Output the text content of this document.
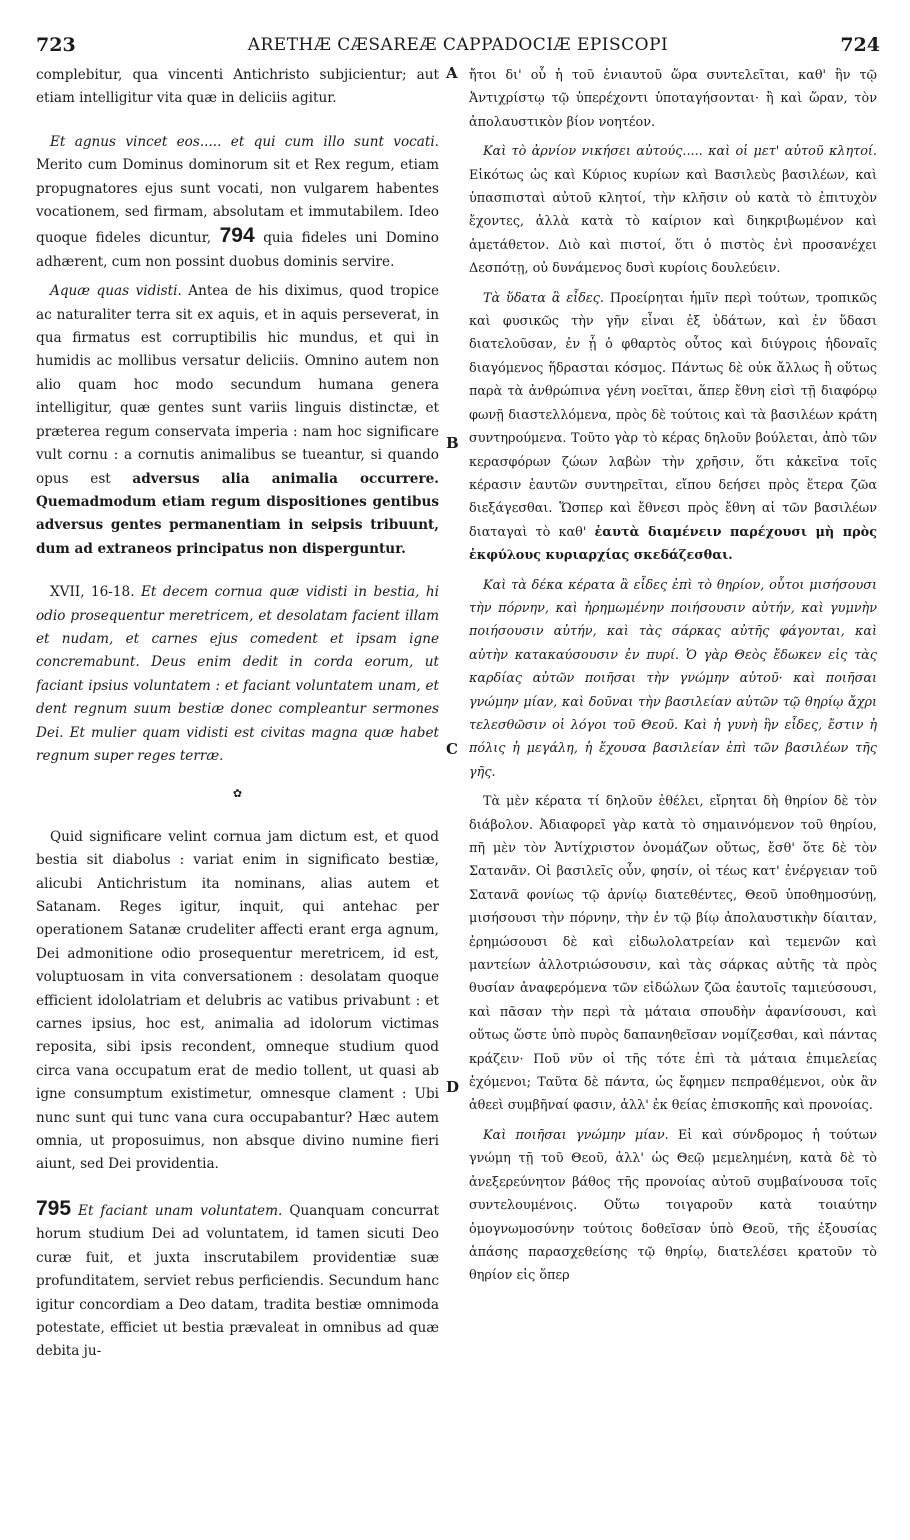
723	ARETHÆ CÆSAREÆ CAPPADOCIÆ EPISCOPI	724
A
B
C
D

complebitur, qua vincenti Antichristo subjicientur; aut etiam intelligitur vita quæ in deliciis agitur.

Et agnus vincet eos..... et qui cum illo sunt vocati. Merito cum Dominus dominorum sit et Rex regum, etiam propugnatores ejus sunt vocati, non vulgarem habentes vocationem, sed firmam, absolutam et immutabilem. Ideo quoque fideles dicuntur, 794 quia fideles uni Domino adhærent, cum non possint duobus dominis servire.

Aquæ quas vidisti. Antea de his diximus, quod tropice ac naturaliter terra sit ex aquis, et in aquis perseverat, in qua firmatus est corruptibilis hic mundus, et qui in humidis ac mollibus versatur deliciis. Omnino autem non alio quam hoc modo secundum humana genera intelligitur, quæ gentes sunt variis linguis distinctæ, et præterea regum conservata imperia : nam hoc significare vult cornu : a cornutis animalibus se tueantur, si quando opus est adversus alia animalia occurrere. Quemadmodum etiam regum dispositiones gentibus adversus gentes permanentiam in seipsis tribuunt, dum ad extraneos principatus non disperguntur.

XVII, 16-18. Et decem cornua quæ vidisti in bestia, hi odio prosequentur meretricem, et desolatam facient illam et nudam, et carnes ejus comedent et ipsam igne concremabunt. Deus enim dedit in corda eorum, ut faciant ipsius voluntatem : et faciant voluntatem unam, et dent regnum suum bestiæ donec compleantur sermones Dei. Et mulier quam vidisti est civitas magna quæ habet regnum super reges terræ.

✿

Quid significare velint cornua jam dictum est, et quod bestia sit diabolus : variat enim in significato bestiæ, alicubi Antichristum ita nominans, alias autem et Satanam. Reges igitur, inquit, qui antehac per operationem Satanæ crudeliter affecti erant erga agnum, Dei admonitione odio prosequentur meretricem, id est, voluptuosam in vita conversationem : desolatam quoque efficient idololatriam et delubris ac vatibus privabunt : et carnes ipsius, hoc est, animalia ad idolorum victimas reposita, sibi ipsis recondent, omneque studium quod circa vana occupatum erat de medio tollent, ut quasi ab igne consumptum existimetur, omnesque clament : Ubi nunc sunt qui tunc vana cura occupabantur? Hæc autem omnia, ut proposuimus, non absque divino numine fieri aiunt, sed Dei providentia.

795 Et faciant unam voluntatem. Quanquam concurrat horum studium Dei ad voluntatem, id tamen sicuti Deo curæ fuit, et juxta inscrutabilem providentiæ suæ profunditatem, serviet rebus perficiendis. Secundum hanc igitur concordiam a Deo datam, tradita bestiæ omnimoda potestate, efficiet ut bestia prævaleat in omnibus ad quæ debita ju-

ἤτοι δι' οὗ ἡ τοῦ ἐνιαυτοῦ ὥρα συντελεῖται, καθ' ἣν τῷ Ἀντιχρίστῳ τῷ ὑπερέχοντι ὑποταγήσονται· ἢ καὶ ὥραν, τὸν ἀπολαυστικὸν βίον νοητέον.

Καὶ τὸ ἀρνίον νικήσει αὐτούς..... καὶ οἱ μετ' αὐτοῦ κλητοί. Εἰκότως ὡς καὶ Κύριος κυρίων καὶ Βασιλεὺς βασιλέων, καὶ ὑπασπισταὶ αὐτοῦ κλητοί, τὴν κλῆσιν οὐ κατὰ τὸ ἐπιτυχὸν ἔχοντες, ἀλλὰ κατὰ τὸ καίριον καὶ διηκριβωμένον καὶ ἀμετάθετον. Διὸ καὶ πιστοί, ὅτι ὁ πιστὸς ἑνὶ προσανέχει Δεσπότῃ, οὐ δυνάμενος δυσὶ κυρίοις δουλεύειν.

Τὰ ὕδατα ἃ εἶδες. Προείρηται ἡμῖν περὶ τούτων, τροπικῶς καὶ φυσικῶς τὴν γῆν εἶναι ἐξ ὑδάτων, καὶ ἐν ὕδασι διατελοῦσαν, ἐν ᾗ ὁ φθαρτὸς οὗτος καὶ διύγροις ἡδοναῖς διαγόμενος ἥδρασται κόσμος. Πάντως δὲ οὐκ ἄλλως ἢ οὕτως παρὰ τὰ ἀνθρώπινα γένη νοεῖται, ἅπερ ἔθνη εἰσὶ τῇ διαφόρῳ φωνῇ διαστελλόμενα, πρὸς δὲ τούτοις καὶ τὰ βασιλέων κράτη συντηρούμενα. Τοῦτο γὰρ τὸ κέρας δηλοῦν βούλεται, ἀπὸ τῶν κερασφόρων ζώων λαβὼν τὴν χρῆσιν, ὅτι κἀκεῖνα τοῖς κέρασιν ἑαυτῶν συντηρεῖται, εἴπου δεήσει πρὸς ἕτερα ζῶα διεξάγεσθαι. Ὥσπερ καὶ ἔθνεσι πρὸς ἔθνη αἱ τῶν βασιλέων διαταγαὶ τὸ καθ' ἑαυτὰ διαμένειν παρέχουσι μὴ πρὸς ἐκφύλους κυριαρχίας σκεδάζεσθαι.

Καὶ τὰ δέκα κέρατα ἃ εἶδες ἐπὶ τὸ θηρίον, οὗτοι μισήσουσι τὴν πόρνην, καὶ ἠρημωμένην ποιήσουσιν αὐτήν, καὶ γυμνὴν ποιήσουσιν αὐτήν, καὶ τὰς σάρκας αὐτῆς φάγονται, καὶ αὐτὴν κατακαύσουσιν ἐν πυρί. Ὁ γὰρ Θεὸς ἔδωκεν εἰς τὰς καρδίας αὐτῶν ποιῆσαι τὴν γνώμην αὐτοῦ· καὶ ποιῆσαι γνώμην μίαν, καὶ δοῦναι τὴν βασιλείαν αὐτῶν τῷ θηρίῳ ἄχρι τελεσθῶσιν οἱ λόγοι τοῦ Θεοῦ. Καὶ ἡ γυνὴ ἣν εἶδες, ἔστιν ἡ πόλις ἡ μεγάλη, ἡ ἔχουσα βασιλείαν ἐπὶ τῶν βασιλέων τῆς γῆς.

Τὰ μὲν κέρατα τί δηλοῦν ἐθέλει, εἴρηται δὴ θηρίον δὲ τὸν διάβολον. Ἀδιαφορεῖ γὰρ κατὰ τὸ σημαινόμενον τοῦ θηρίου, πῆ μὲν τὸν Ἀντίχριστον ὀνομάζων οὕτως, ἔσθ' ὅτε δὲ τὸν Σατανᾶν. Οἱ βασιλεῖς οὖν, φησίν, οἱ τέως κατ' ἐνέργειαν τοῦ Σατανᾶ φονίως τῷ ἀρνίῳ διατεθέντες, Θεοῦ ὑποθημοσύνῃ, μισήσουσι τὴν πόρνην, τὴν ἐν τῷ βίῳ ἀπολαυστικὴν δίαιταν, ἐρημώσουσι δὲ καὶ εἰδωλολατρείαν καὶ τεμενῶν καὶ μαντείων ἀλλοτριώσουσιν, καὶ τὰς σάρκας αὐτῆς τὰ πρὸς θυσίαν ἀναφερόμενα τῶν εἰδώλων ζῶα ἑαυτοῖς ταμιεύσουσι, καὶ πᾶσαν τὴν περὶ τὰ μάταια σπουδὴν ἀφανίσουσι, καὶ οὕτως ὥστε ὑπὸ πυρὸς δαπανηθεῖσαν νομίζεσθαι, καὶ πάντας κράζειν· Ποῦ νῦν οἱ τῆς τότε ἐπὶ τὰ μάταια ἐπιμελείας ἐχόμενοι; Ταῦτα δὲ πάντα, ὡς ἔφημεν πεπραθέμενοι, οὐκ ἂν ἀθεεὶ συμβῆναί φασιν, ἀλλ' ἐκ θείας ἐπισκοπῆς καὶ προνοίας.

Καὶ ποιῆσαι γνώμην μίαν. Εἰ καὶ σύνδρομος ἡ τούτων γνώμη τῇ τοῦ Θεοῦ, ἀλλ' ὡς Θεῷ μεμελημένη, κατὰ δὲ τὸ ἀνεξερεύνητον βάθος τῆς προνοίας αὐτοῦ συμβαίνουσα τοῖς συντελουμένοις. Οὕτω τοιγαροῦν κατὰ τοιαύτην ὁμογνωμοσύνην τούτοις δοθεῖσαν ὑπὸ Θεοῦ, τῆς ἐξουσίας ἁπάσης παρασχεθείσης τῷ θηρίῳ, διατελέσει κρατοῦν τὸ θηρίον εἰς ὅπερ
